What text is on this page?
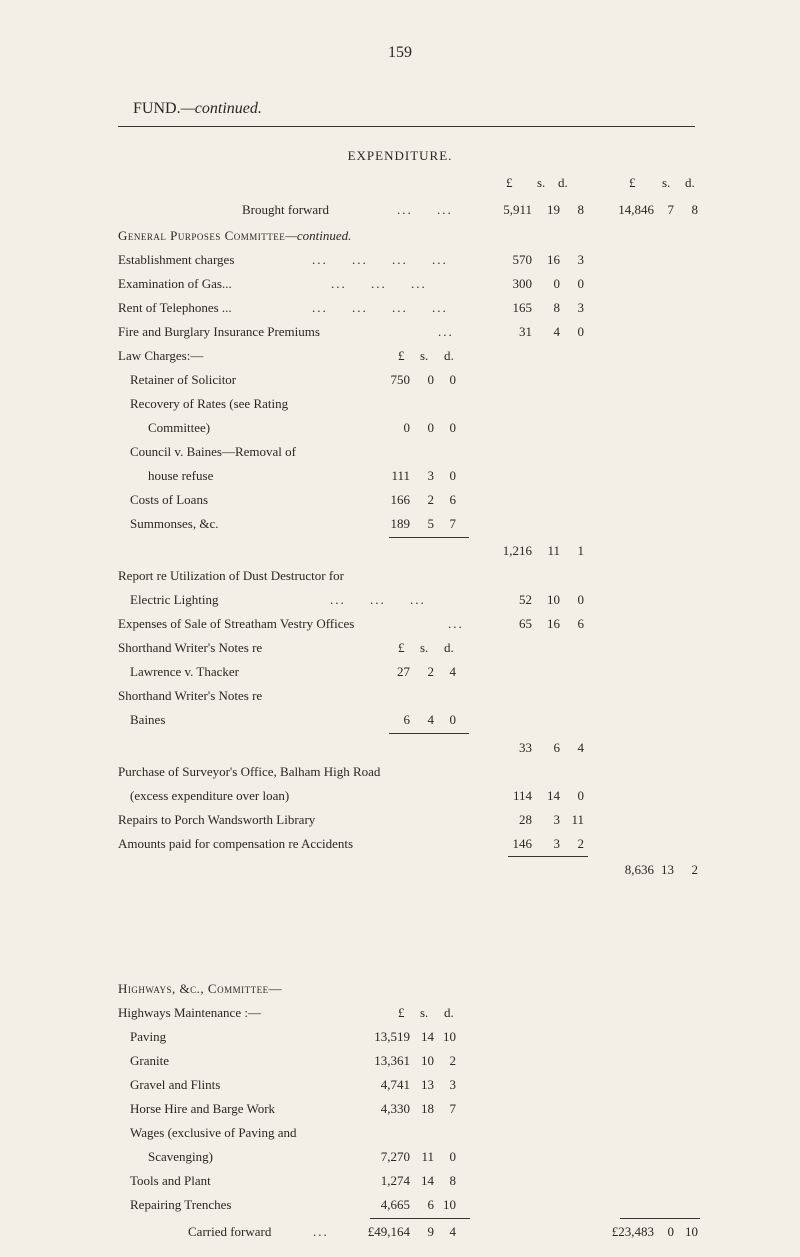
159
FUND.—continued.
EXPENDITURE.
£ s. d.	£ s. d.
Brought forward	... ...	5,911 19 8	14,846 7 8
General Purposes Committee—continued.
Establishment charges	... ... ... ...	570 16 3
Examination of Gas...	... ... ...	300 0 0
Rent of Telephones ...	... ... ... ...	165 8 3
Fire and Burglary Insurance Premiums	...	31 4 0
Law Charges:—	£ s. d.
Retainer of Solicitor	750 0 0
Recovery of Rates (see Rating
Committee)	0 0 0
Council v. Baines—Removal of
house refuse	111 3 0
Costs of Loans	166 2 6
Summonses, &c.	189 5 7
1,216 11 1
Report re Utilization of Dust Destructor for
Electric Lighting	... ... ...	52 10 0
Expenses of Sale of Streatham Vestry Offices	...	65 16 6
Shorthand Writer's Notes re	£ s. d.
Lawrence v. Thacker	27 2 4
Shorthand Writer's Notes re
Baines	6 4 0
33 6 4
Purchase of Surveyor's Office, Balham High Road
(excess expenditure over loan)	114 14 0
Repairs to Porch Wandsworth Library	28 3 11
Amounts paid for compensation re Accidents	146 3 2
8,636 13 2
Highways, &c., Committee—
Highways Maintenance :—	£ s. d.
Paving	13,519 14 10
Granite	13,361 10 2
Gravel and Flints	4,741 13 3
Horse Hire and Barge Work	4,330 18 7
Wages (exclusive of Paving and
Scavenging)	7,270 11 0
Tools and Plant	1,274 14 8
Repairing Trenches	4,665 6 10
Carried forward	...	£49,164 9 4	£23,483 0 10
